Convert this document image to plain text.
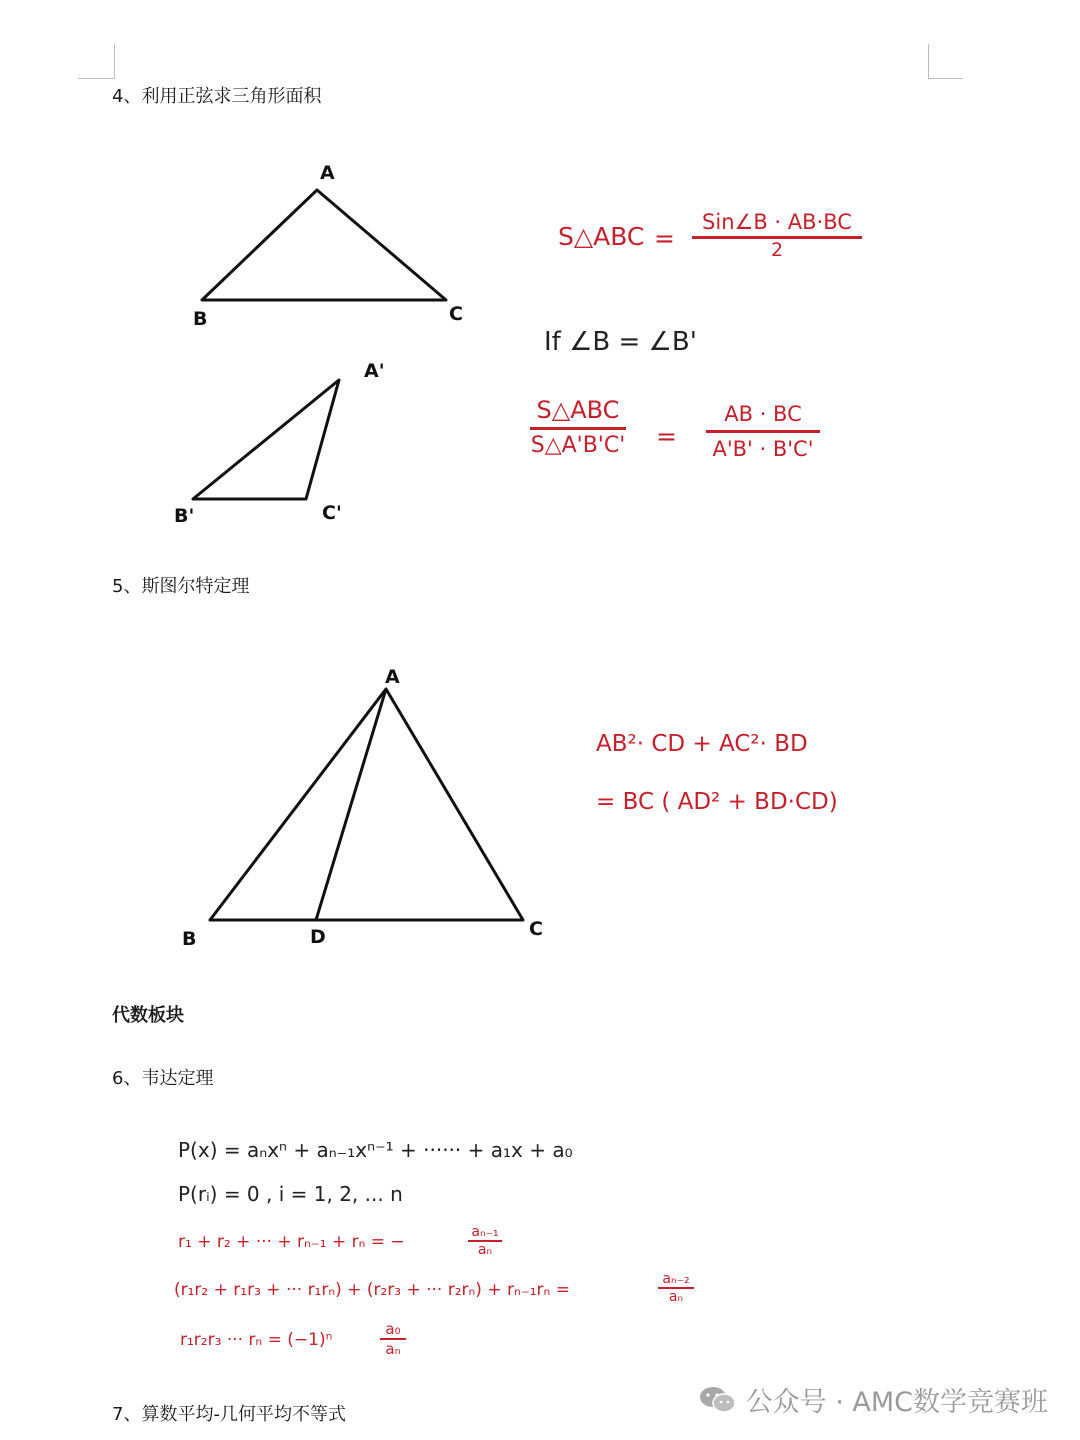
4、利用正弦求三角形面积
5、斯图尔特定理
代数板块
6、韦达定理
7、算数平均-几何平均不等式
A
B	C
A'
B'	C'
A
B	C
D
S△ABC =
Sin∠B · AB·BC
2
If ∠B = ∠B'
S△ABC
S△A'B'C' =
AB · BC
A'B' · B'C'
AB²· CD + AC²· BD
= BC ( AD² + BD·CD)
P(x) = aₙxⁿ + aₙ₋₁xⁿ⁻¹ + ······ + a₁x + a₀
P(rᵢ) = 0 , i = 1, 2, ... n
r₁ + r₂ + ··· + rₙ₋₁ + rₙ = −	aₙ₋₁
aₙ
(r₁r₂ + r₁r₃ + ··· r₁rₙ) + (r₂r₃ + ··· r₂rₙ) + rₙ₋₁rₙ =
aₙ₋₂
aₙ
r₁r₂r₃ ··· rₙ = (−1)ⁿ
a₀
aₙ
公众号 · AMC数学竞赛班
